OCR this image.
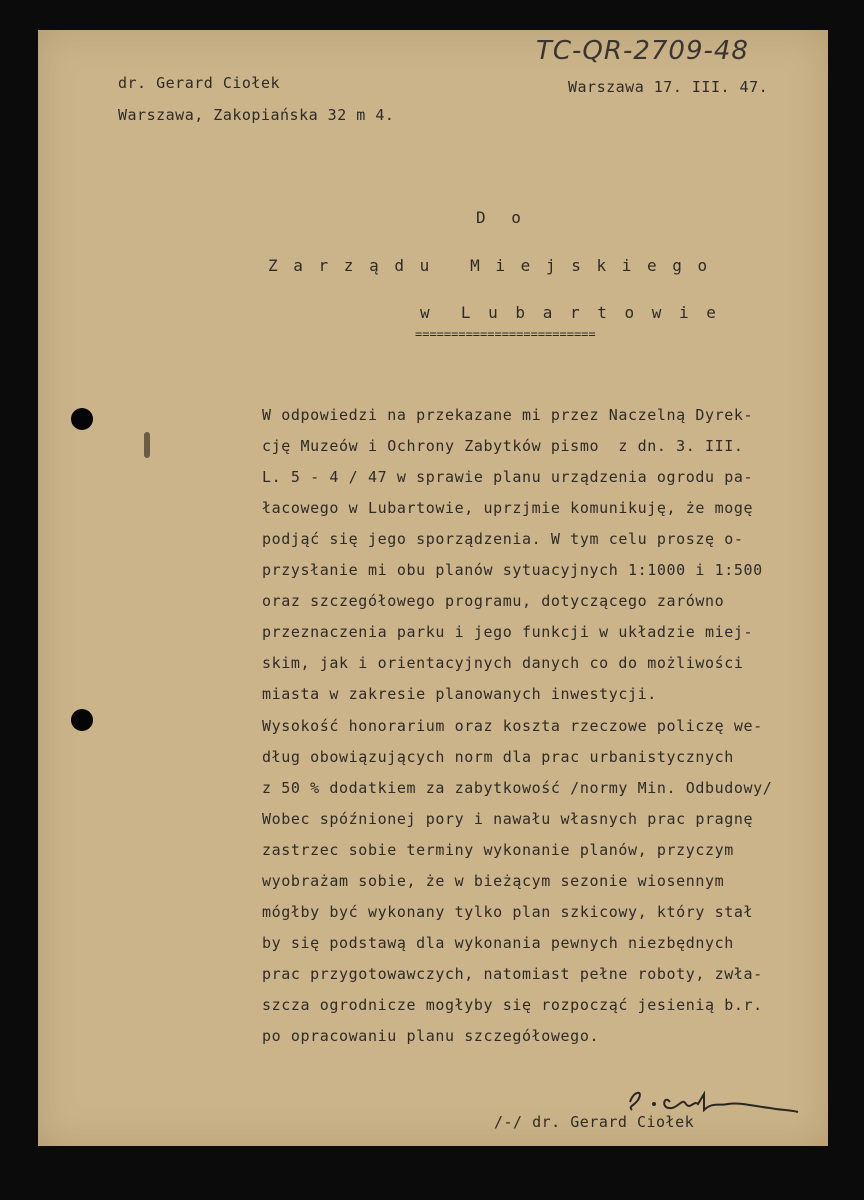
TC-QR-2709-48
dr. Gerard Ciołek
Warszawa, Zakopiańska 32 m 4.
Warszawa 17. III. 47.
D o
Z a r z ą d u   M i e j s k i e g o
w  L u b a r t o w i e
=========================
W odpowiedzi na przekazane mi przez Naczelną Dyrek-
cję Muzeów i Ochrony Zabytków pismo  z dn. 3. III.
L. 5 - 4 / 47 w sprawie planu urządzenia ogrodu pa-
łacowego w Lubartowie, uprzjmie komunikuję, że mogę
podjąć się jego sporządzenia. W tym celu proszę o-
przysłanie mi obu planów sytuacyjnych 1:1000 i 1:500
oraz szczegółowego programu, dotyczącego zarówno
przeznaczenia parku i jego funkcji w układzie miej-
skim, jak i orientacyjnych danych co do możliwości
miasta w zakresie planowanych inwestycji.
Wysokość honorarium oraz koszta rzeczowe policzę we-
dług obowiązujących norm dla prac urbanistycznych
z 50 % dodatkiem za zabytkowość /normy Min. Odbudowy/
Wobec spóźnionej pory i nawału własnych prac pragnę
zastrzec sobie terminy wykonanie planów, przyczym
wyobrażam sobie, że w bieżącym sezonie wiosennym
mógłby być wykonany tylko plan szkicowy, który stał
by się podstawą dla wykonania pewnych niezbędnych
prac przygotowawczych, natomiast pełne roboty, zwła-
szcza ogrodnicze mogłyby się rozpocząć jesienią b.r.
po opracowaniu planu szczegółowego.
/-/ dr. Gerard Ciołek
